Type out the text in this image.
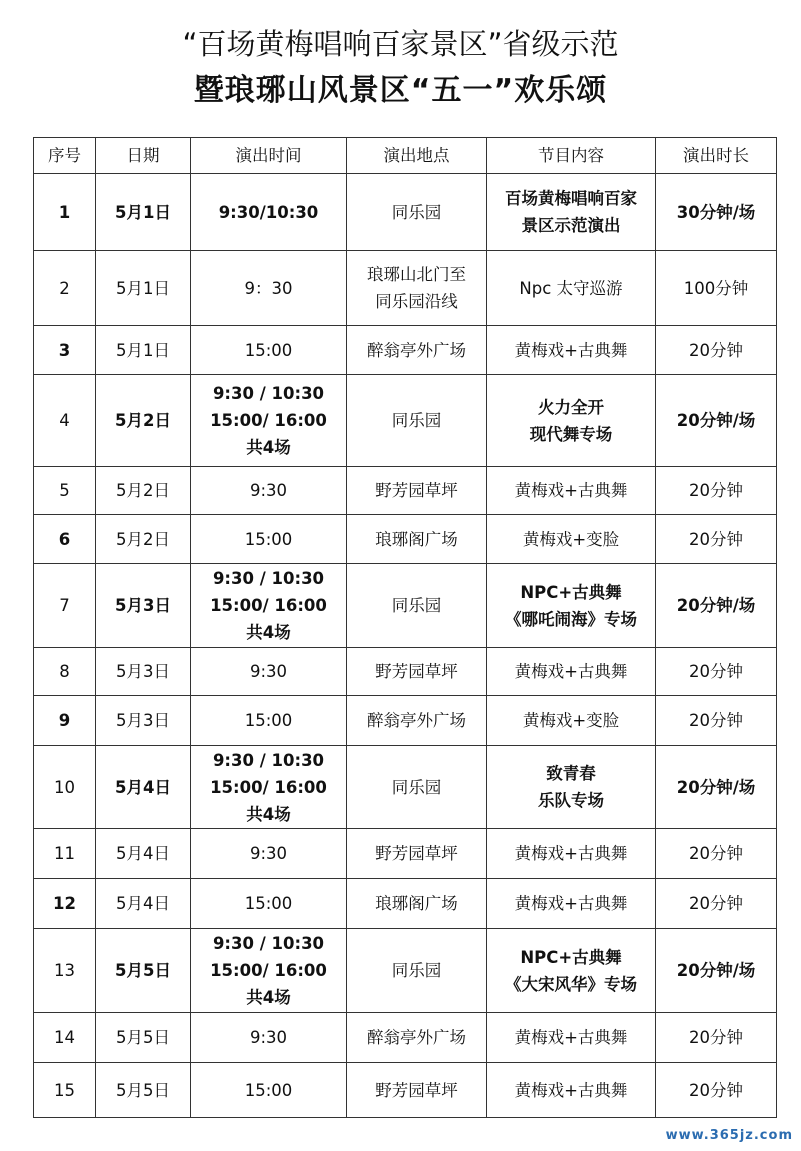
“百场黄梅唱响百家景区”省级示范
暨琅琊山风景区“五一”欢乐颂
序号	日期	演出时间	演出地点	节目内容	演出时长
1	5月1日	9:30/10:30	同乐园	百场黄梅唱响百家
景区示范演出	30分钟/场
2	5月1日	9：30	琅琊山北门至
同乐园沿线	Npc 太守巡游	100分钟
3	5月1日	15:00	醉翁亭外广场	黄梅戏+古典舞	20分钟
4	5月2日	9:30 / 10:30
15:00/ 16:00
共4场	同乐园	火力全开
现代舞专场	20分钟/场
5	5月2日	9:30	野芳园草坪	黄梅戏+古典舞	20分钟
6	5月2日	15:00	琅琊阁广场	黄梅戏+变脸	20分钟
7	5月3日	9:30 / 10:30
15:00/ 16:00
共4场	同乐园	NPC+古典舞
《哪吒闹海》专场	20分钟/场
8	5月3日	9:30	野芳园草坪	黄梅戏+古典舞	20分钟
9	5月3日	15:00	醉翁亭外广场	黄梅戏+变脸	20分钟
10	5月4日	9:30 / 10:30
15:00/ 16:00
共4场	同乐园	致青春
乐队专场	20分钟/场
11	5月4日	9:30	野芳园草坪	黄梅戏+古典舞	20分钟
12	5月4日	15:00	琅琊阁广场	黄梅戏+古典舞	20分钟
13	5月5日	9:30 / 10:30
15:00/ 16:00
共4场	同乐园	NPC+古典舞
《大宋风华》专场	20分钟/场
14	5月5日	9:30	醉翁亭外广场	黄梅戏+古典舞	20分钟
15	5月5日	15:00	野芳园草坪	黄梅戏+古典舞	20分钟
www.365jz.com
